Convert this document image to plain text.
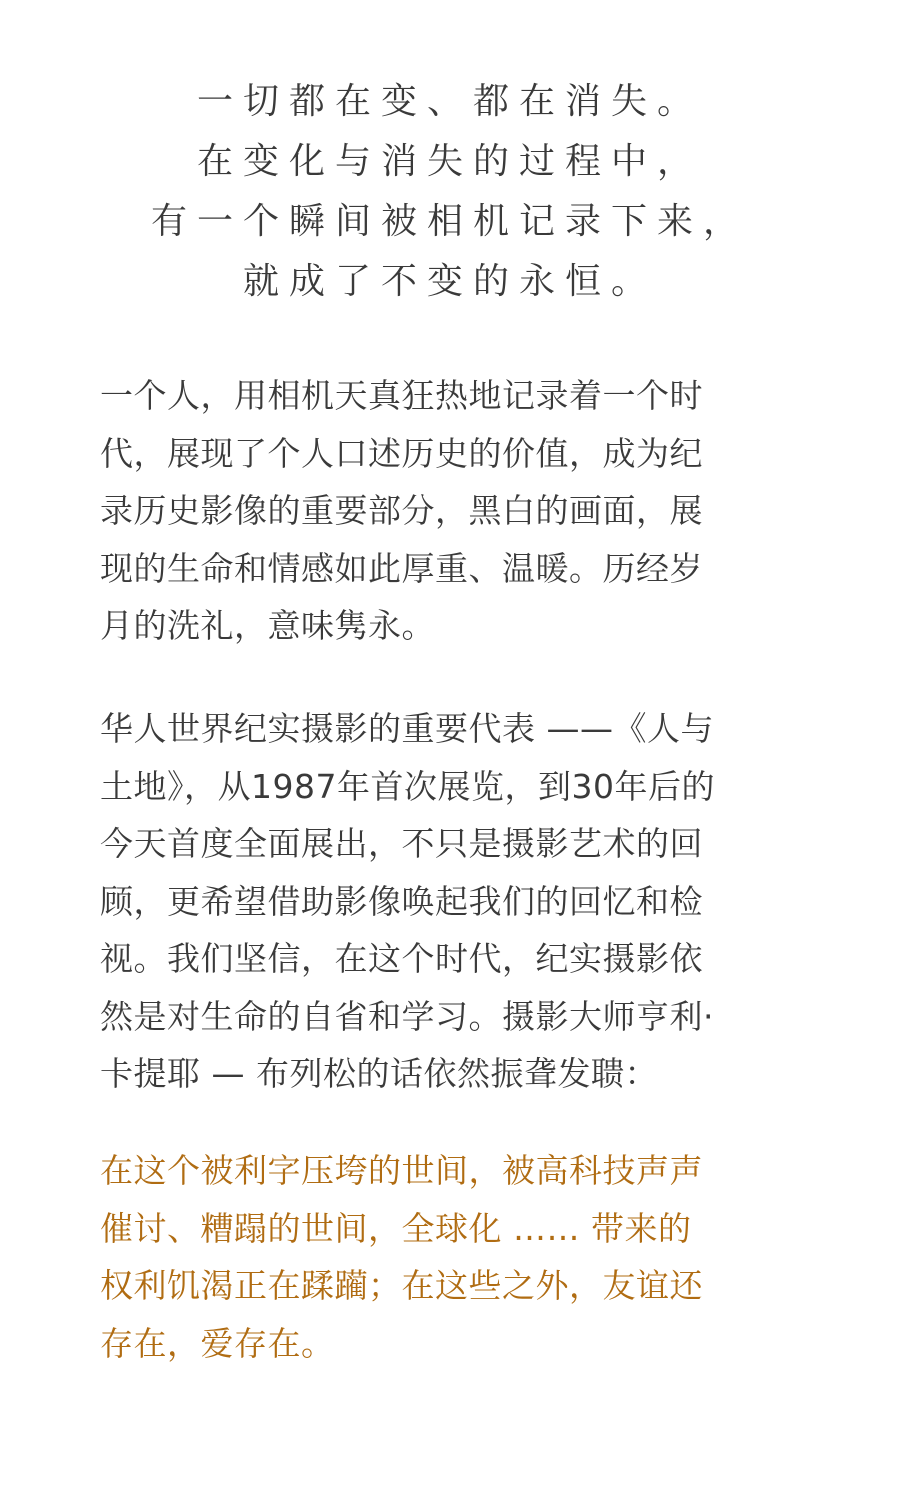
一切都在变、都在消失。
在变化与消失的过程中，
有一个瞬间被相机记录下来，
就成了不变的永恒。
一个人，用相机天真狂热地记录着一个时
代，展现了个人口述历史的价值，成为纪
录历史影像的重要部分，黑白的画面，展
现的生命和情感如此厚重、温暖。历经岁
月的洗礼，意味隽永。
华人世界纪实摄影的重要代表 ——《人与
土地》，从1987年首次展览，到30年后的
今天首度全面展出，不只是摄影艺术的回
顾，更希望借助影像唤起我们的回忆和检
视。我们坚信，在这个时代，纪实摄影依
然是对生命的自省和学习。摄影大师亨利·
卡提耶 — 布列松的话依然振聋发聩：
在这个被利字压垮的世间，被高科技声声
催讨、糟蹋的世间，全球化 …… 带来的
权利饥渴正在蹂躏；在这些之外，友谊还
存在，爱存在。
